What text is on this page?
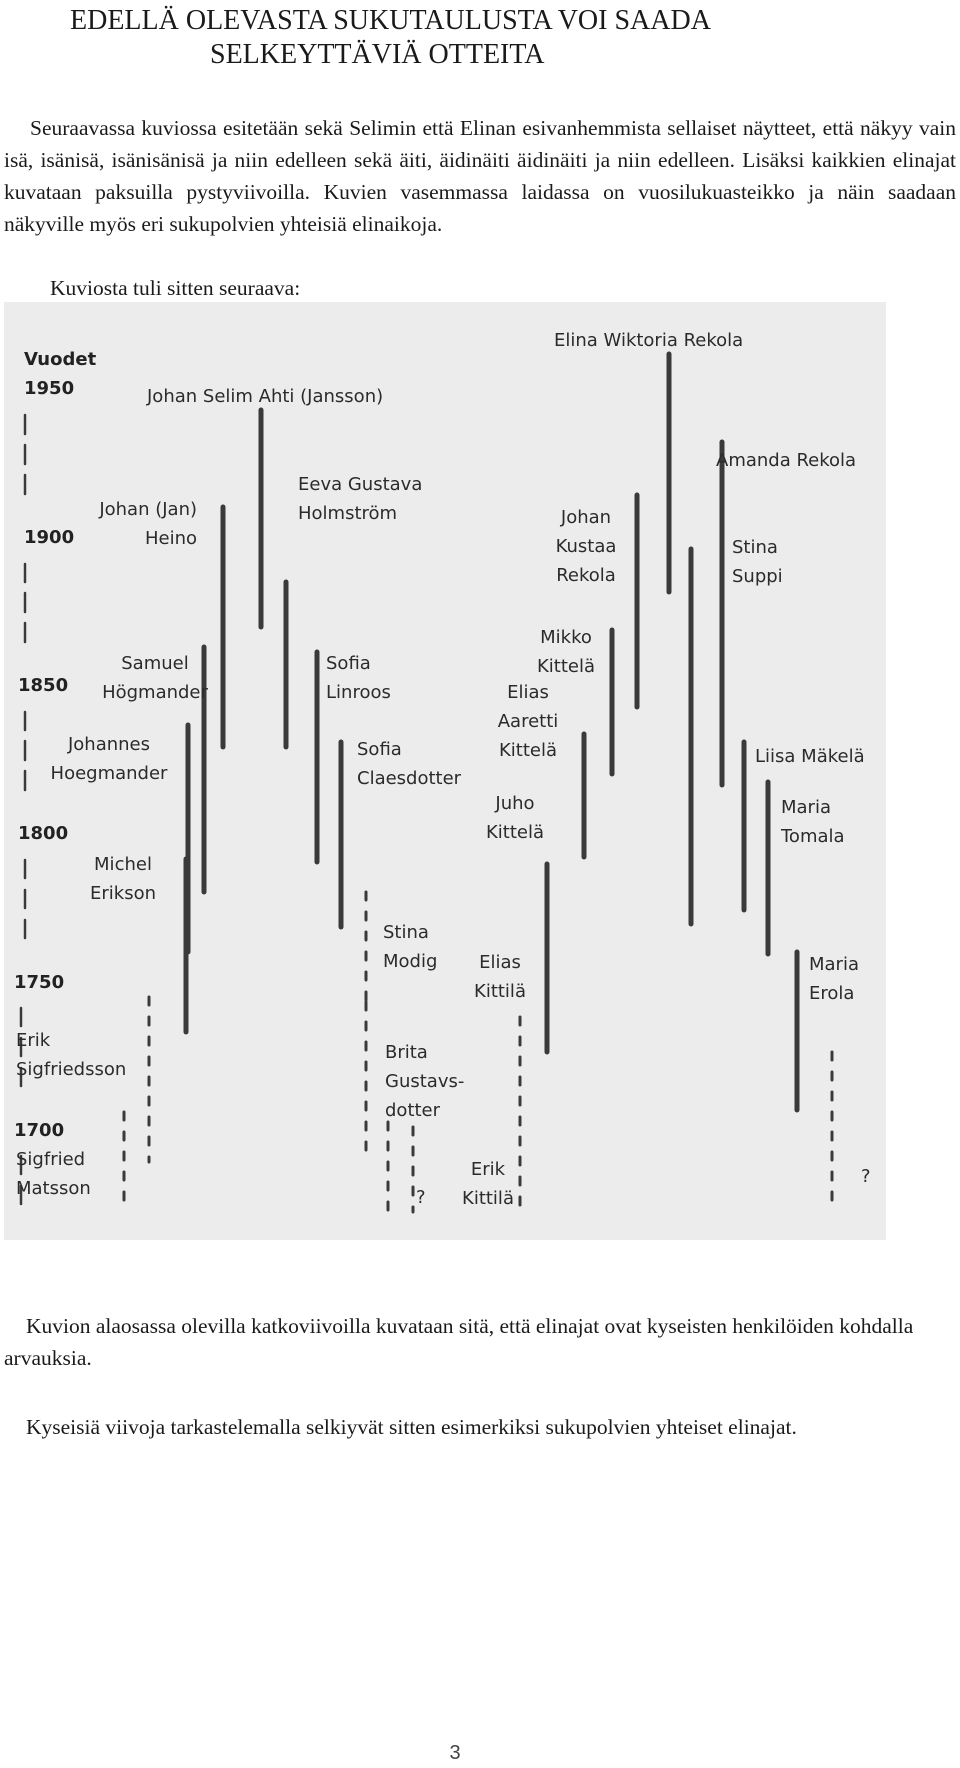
EDELLÄ OLEVASTA SUKUTAULUSTA VOI SAADA
SELKEYTTÄVIÄ OTTEITA

Seuraavassa kuviossa esitetään sekä Selimin että Elinan esivanhemmista sellaiset näytteet, että näkyy vain isä, isänisä, isänisänisä ja niin edelleen sekä äiti, äidinäiti äidinäiti ja niin edelleen. Lisäksi kaikkien elinajat kuvataan paksuilla pystyviivoilla. Kuvien vasemmassa laidassa on vuosilukuasteikko ja näin saadaan näkyville myös eri sukupolvien yhteisiä elinaikoja.

Kuviosta tuli sitten seuraava:

Vuodet
1950
1900
1850
1800
1750
1700
Elina Wiktoria Rekola
Johan Selim Ahti (Jansson)
Amanda Rekola
Eeva Gustava Holmström
Johan (Jan) Heino
Johan Kustaa Rekola
Stina Suppi
Mikko Kittelä
Samuel Högmander
Sofia Linroos	Elias Aaretti Kittelä
Johannes Hoegmander
Sofia Claesdotter
Liisa Mäkelä
Juho Kittelä
Maria Tomala
Michel Erikson
Stina Modig Elias Kittilä
Maria Erola
Erik Sigfriedsson
Brita Gustavs-dotter
Sigfried Matsson
Erik Kittilä
?
?

Kuvion alaosassa olevilla katkoviivoilla kuvataan sitä, että elinajat ovat kyseisten henkilöiden kohdalla arvauksia.

Kyseisiä viivoja tarkastelemalla selkiyvät sitten esimerkiksi sukupolvien yhteiset elinajat.

3
